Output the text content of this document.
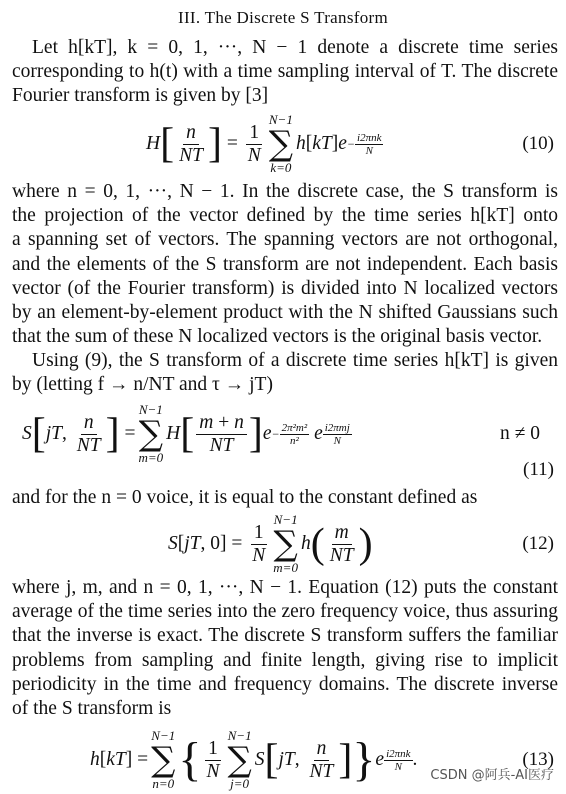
III. The Discrete S Transform
Let h[kT], k = 0, 1, ···, N − 1 denote a discrete time series
corresponding to h(t) with a time sampling interval of T. The discrete
Fourier transform is given by [3]
H [ $\frac{n}{NT}$ ] = $\frac{1}{N}$
N−1
∑
k=0
h [ kT ] e − i2πnk
N	(10)
where n = 0, 1, ···, N − 1. In the discrete case, the S transform is
the projection of the vector defined by the time series h[kT] onto
a spanning set of vectors. The spanning vectors are not orthogonal,
and the elements of the S transform are not independent. Each basis
vector (of the Fourier transform) is divided into N localized vectors
by an element-by-element product with the N shifted Gaussians such
that the sum of these N localized vectors is the original basis vector.
Using (9), the S transform of a discrete time series h[kT] is given
by (letting f → n/NT and τ → jT)
S [ jT , $\frac{n}{NT}$ ] =
N−1
∑
m=0
H [ $\frac{m + n}{NT}$ ] $e - \frac{\text{2π²m²}}{\text{n²}}$
e i2πmj
N	n ≠ 0
(11)
and for the n = 0 voice, it is equal to the constant defined as
S [ jT , $0] = \frac{1}{N}$
N−1
∑
m=0
h ( $\frac{m}{NT}$ )	(12)
where j, m, and n = 0, 1, ···, N − 1. Equation (12) puts the constant
average of the time series into the zero frequency voice, thus assuring
that the inverse is exact. The discrete S transform suffers the familiar
problems from sampling and finite length, giving rise to implicit
periodicity in the time and frequency domains. The discrete inverse
of the S transform is
h [ kT ] =
N−1
∑
n=0 { $\frac{1}{N}$
N−1
∑
j=0
S [ jT , $\frac{n}{NT}$ ] } e i2πnk
N .	(13)
CSDN @阿兵-AI医疗
